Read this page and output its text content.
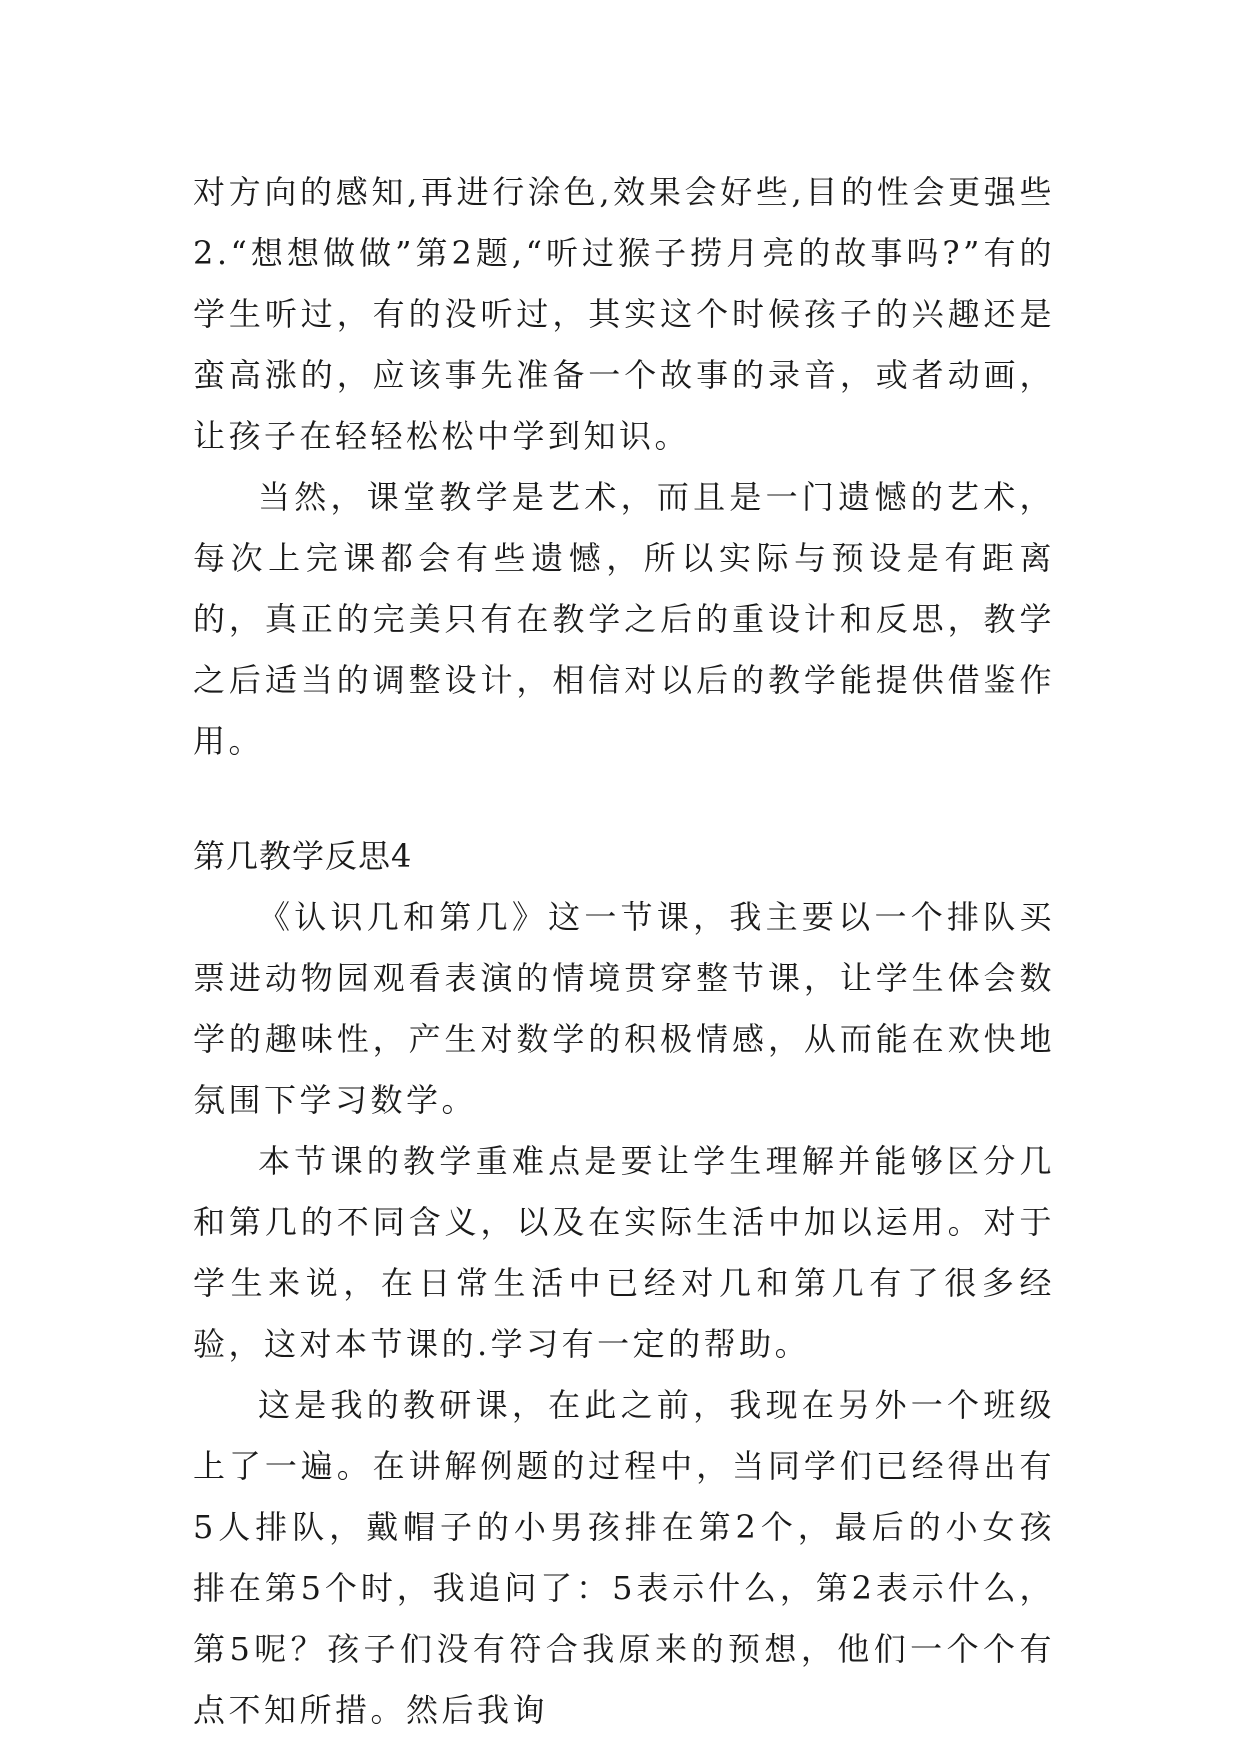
对方向的感知,再进行涂色,效果会好些,目的性会更强些2.“想想做做”第2题,“听过猴子捞月亮的故事吗?”有的学生听过，有的没听过，其实这个时候孩子的兴趣还是蛮高涨的，应该事先准备一个故事的录音，或者动画，让孩子在轻轻松松中学到知识。

当然，课堂教学是艺术，而且是一门遗憾的艺术，每次上完课都会有些遗憾，所以实际与预设是有距离的，真正的完美只有在教学之后的重设计和反思，教学之后适当的调整设计，相信对以后的教学能提供借鉴作用。

第几教学反思4

《认识几和第几》这一节课，我主要以一个排队买票进动物园观看表演的情境贯穿整节课，让学生体会数学的趣味性，产生对数学的积极情感，从而能在欢快地氛围下学习数学。

本节课的教学重难点是要让学生理解并能够区分几和第几的不同含义，以及在实际生活中加以运用。对于学生来说，在日常生活中已经对几和第几有了很多经验，这对本节课的.学习有一定的帮助。

这是我的教研课，在此之前，我现在另外一个班级上了一遍。在讲解例题的过程中，当同学们已经得出有5人排队，戴帽子的小男孩排在第2个，最后的小女孩排在第5个时，我追问了：5表示什么，第2表示什么，第5呢？孩子们没有符合我原来的预想，他们一个个有点不知所措。然后我询
